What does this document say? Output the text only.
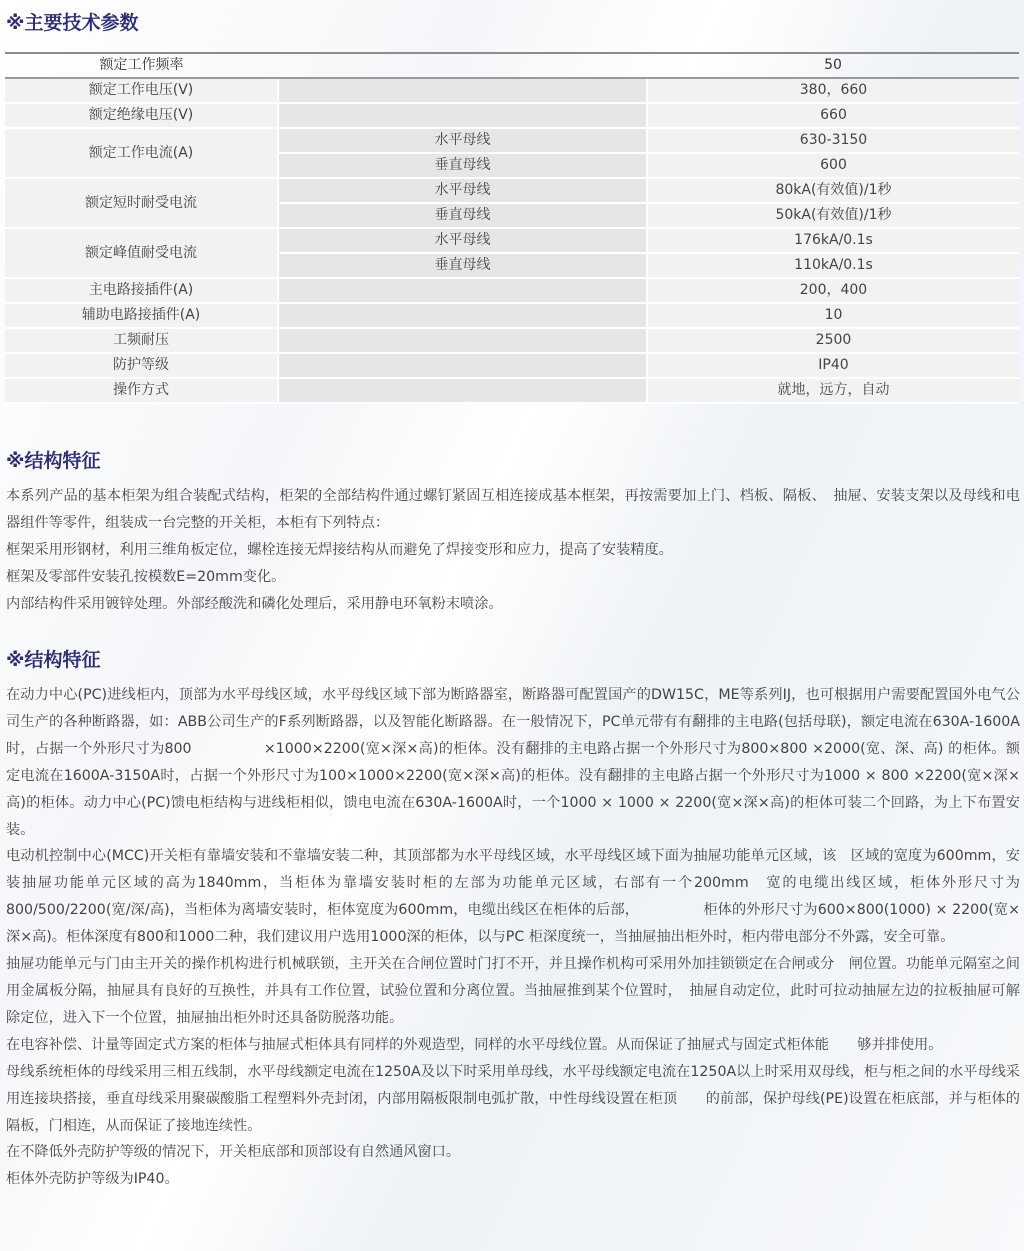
※主要技术参数
额定工作频率		50
额定工作电压(V)		380，660
额定绝缘电压(V)		660
额定工作电流(A)	水平母线	630-3150
	垂直母线	600
额定短时耐受电流	水平母线	80kA(有效值)/1秒
	垂直母线	50kA(有效值)/1秒
额定峰值耐受电流	水平母线	176kA/0.1s
	垂直母线	110kA/0.1s
主电路接插件(A)		200，400
辅助电路接插件(A)		10
工频耐压		2500
防护等级		IP40
操作方式		就地，远方，自动
※结构特征

本系列产品的基本柜架为组合装配式结构，柜架的全部结构件通过螺钉紧固互相连接成基本框架，再按需要加上门、档板、隔板、　抽屉、安装支架以及母线和电器组件等零件，组装成一台完整的开关柜，本柜有下列特点：

框架采用形钢材，利用三维角板定位，螺栓连接无焊接结构从而避免了焊接变形和应力，提高了安装精度。

框架及零部件安装孔按模数E=20mm变化。

内部结构件采用镀锌处理。外部经酸洗和磷化处理后，采用静电环氧粉末喷涂。

※结构特征

在动力中心(PC)进线柜内，顶部为水平母线区域，水平母线区域下部为断路器室，断路器可配置国产的DW15C，ME等系列IJ，也可根据用户需要配置国外电气公司生产的各种断路器，如：ABB公司生产的F系列断路器，以及智能化断路器。在一般情况下，PC单元带有有翻排的主电路(包括母联)，额定电流在630A-1600A时，占据一个外形尺寸为800　　　　　×1000×2200(宽×深×高)的柜体。没有翻排的主电路占据一个外形尺寸为800×800 ×2000(宽、深、高) 的柜体。额定电流在1600A-3150A时，占据一个外形尺寸为100×1000×2200(宽×深×高)的柜体。没有翻排的主电路占据一个外形尺寸为1000 × 800 ×2200(宽×深×高)的柜体。动力中心(PC)馈电柜结构与进线柜相似，馈电电流在630A-1600A时，一个1000 × 1000 × 2200(宽×深×高)的柜体可装二个回路，为上下布置安装。

电动机控制中心(MCC)开关柜有靠墙安装和不靠墙安装二种，其顶部都为水平母线区域，水平母线区域下面为抽屉功能单元区域，该　区域的宽度为600mm，安装抽屉功能单元区域的高为1840mm，当柜体为靠墙安装时柜的左部为功能单元区域，右部有一个200mm　宽的电缆出线区域，柜体外形尺寸为800/500/2200(宽/深/高)，当柜体为离墙安装时，柜体宽度为600mm，电缆出线区在柜体的后部，　　　　　柜体的外形尺寸为600×800(1000) × 2200(宽×深×高)。柜体深度有800和1000二种，我们建议用户选用1000深的柜体，以与PC 柜深度统一，当抽屉抽出柜外时，柜内带电部分不外露，安全可靠。

抽屉功能单元与门由主开关的操作机构进行机械联锁，主开关在合闸位置时门打不开，并且操作机构可采用外加挂锁锁定在合闸或分　闸位置。功能单元隔室之间用金属板分隔，抽屉具有良好的互换性，并具有工作位置，试验位置和分离位置。当抽屉推到某个位置时，　抽屉自动定位，此时可拉动抽屉左边的拉板抽屉可解除定位，进入下一个位置，抽屉抽出柜外时还具备防脱落功能。

在电容补偿、计量等固定式方案的柜体与抽屉式柜体具有同样的外观造型，同样的水平母线位置。从而保证了抽屉式与固定式柜体能　　够并排使用。

母线系统柜体的母线采用三相五线制，水平母线额定电流在1250A及以下时采用单母线，水平母线额定电流在1250A以上时采用双母线，柜与柜之间的水平母线采用连接块搭接，垂直母线采用聚碳酸脂工程塑料外壳封闭，内部用隔板限制电弧扩散，中性母线设置在柜顶　　的前部，保护母线(PE)设置在柜底部，并与柜体的隔板，门相连，从而保证了接地连续性。

在不降低外壳防护等级的情况下，开关柜底部和顶部设有自然通风窗口。

柜体外壳防护等级为IP40。
